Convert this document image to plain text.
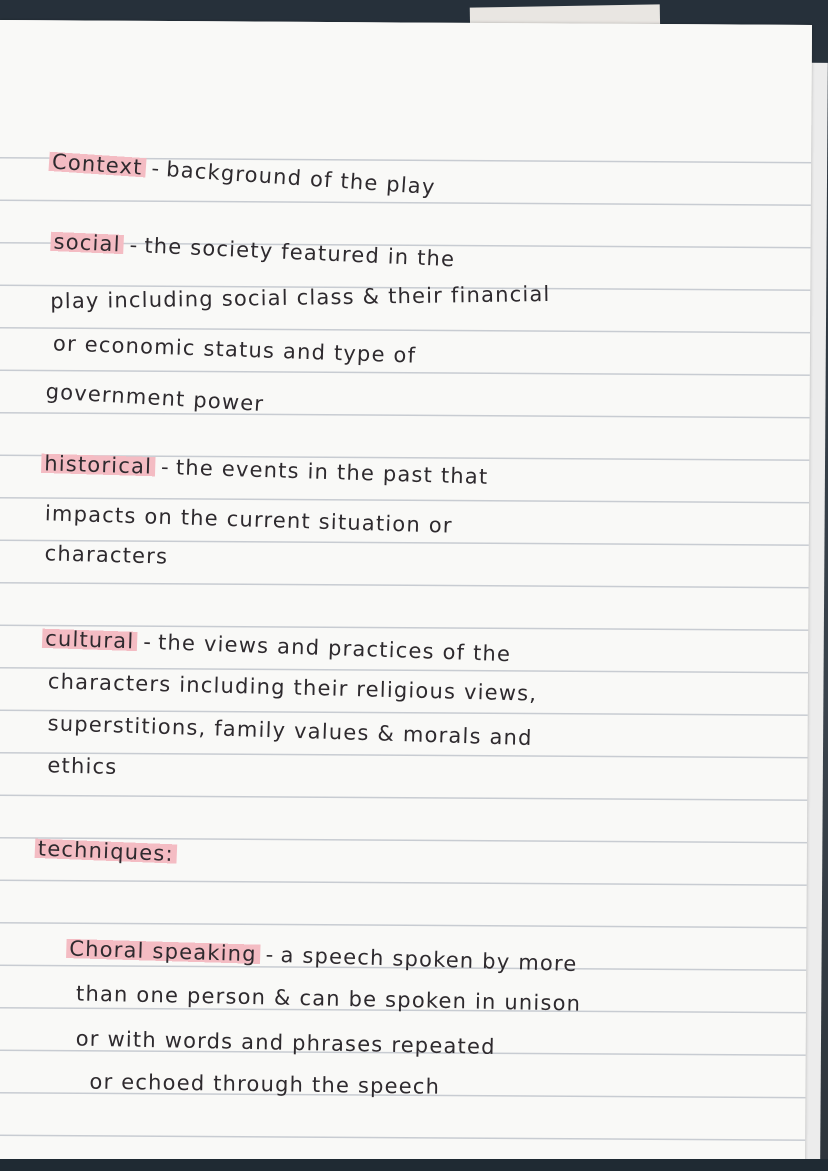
Context - background of the play
social - the society featured in the
play including social class & their financial
or economic status and type of
government power
historical - the events in the past that
impacts on the current situation or
characters
cultural - the views and practices of the
characters including their religious views,
superstitions, family values & morals and
ethics
techniques:
Choral speaking - a speech spoken by more
than one person & can be spoken in unison
or with words and phrases repeated
or echoed through the speech
